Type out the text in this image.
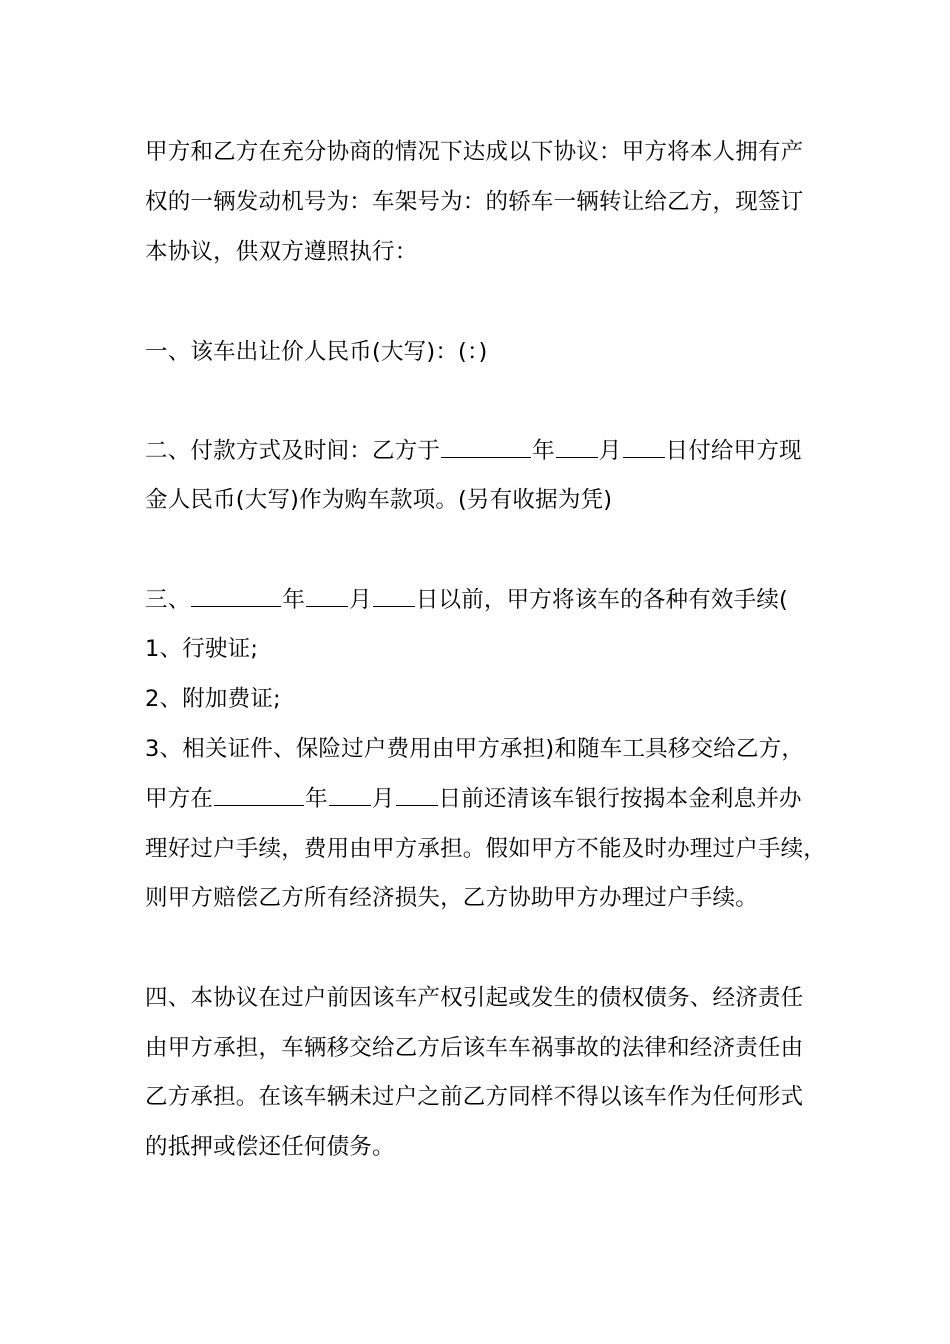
甲方和乙方在充分协商的情况下达成以下协议：甲方将本人拥有产
权的一辆发动机号为：车架号为：的轿车一辆转让给乙方，现签订
本协议，供双方遵照执行：
一、该车出让价人民币(大写)：(：)
二、付款方式及时间：乙方于	年 月 日付给甲方现
金人民币(大写)作为购车款项。(另有收据为凭)
三、	年 月 日以前，甲方将该车的各种有效手续(
1、行驶证;
2、附加费证;
3、相关证件、保险过户费用由甲方承担)和随车工具移交给乙方，
甲方在	年 月 日前还清该车银行按揭本金利息并办
理好过户手续，费用由甲方承担。假如甲方不能及时办理过户手续，
则甲方赔偿乙方所有经济损失，乙方协助甲方办理过户手续。
四、本协议在过户前因该车产权引起或发生的债权债务、经济责任
由甲方承担，车辆移交给乙方后该车车祸事故的法律和经济责任由
乙方承担。在该车辆未过户之前乙方同样不得以该车作为任何形式
的抵押或偿还任何债务。
